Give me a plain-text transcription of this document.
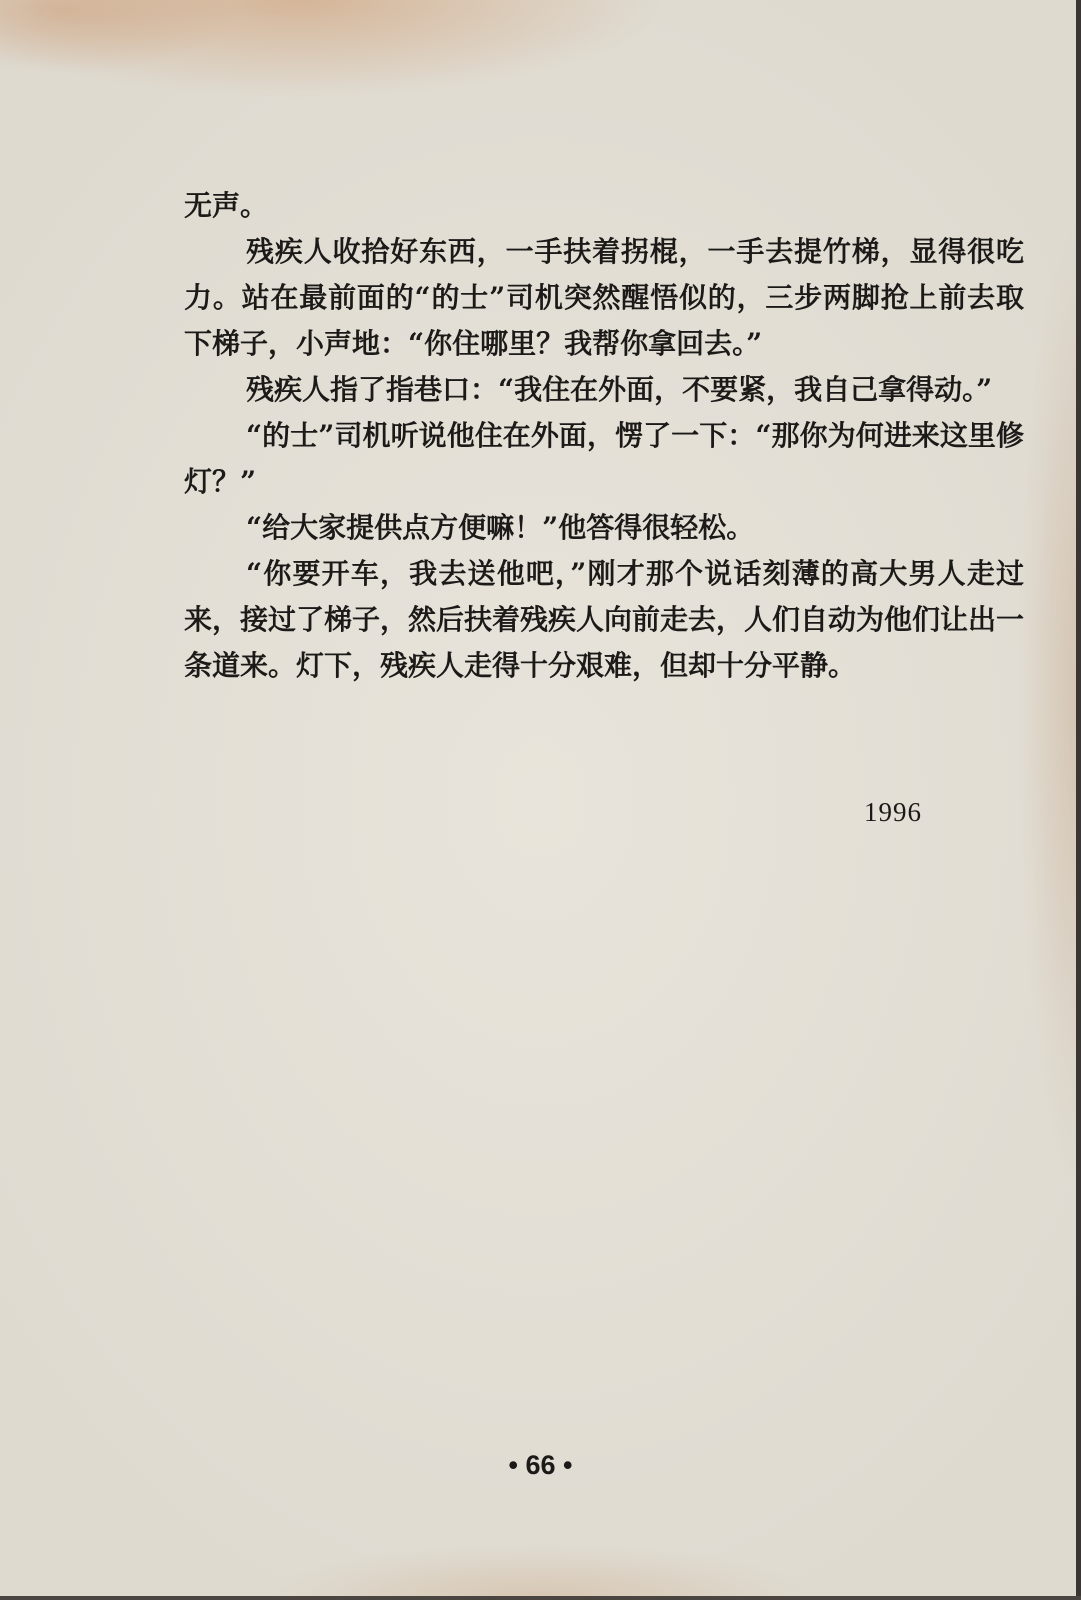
无声。

残疾人收拾好东西，一手扶着拐棍，一手去提竹梯，显得很吃力。站在最前面的“的士”司机突然醒悟似的，三步两脚抢上前去取下梯子，小声地：“你住哪里？我帮你拿回去。”

残疾人指了指巷口：“我住在外面，不要紧，我自己拿得动。”

“的士”司机听说他住在外面，愣了一下：“那你为何进来这里修灯？”

“给大家提供点方便嘛！”他答得很轻松。

“你要开车，我去送他吧，”刚才那个说话刻薄的高大男人走过来，接过了梯子，然后扶着残疾人向前走去，人们自动为他们让出一条道来。灯下，残疾人走得十分艰难，但却十分平静。

1996
• 66 •
